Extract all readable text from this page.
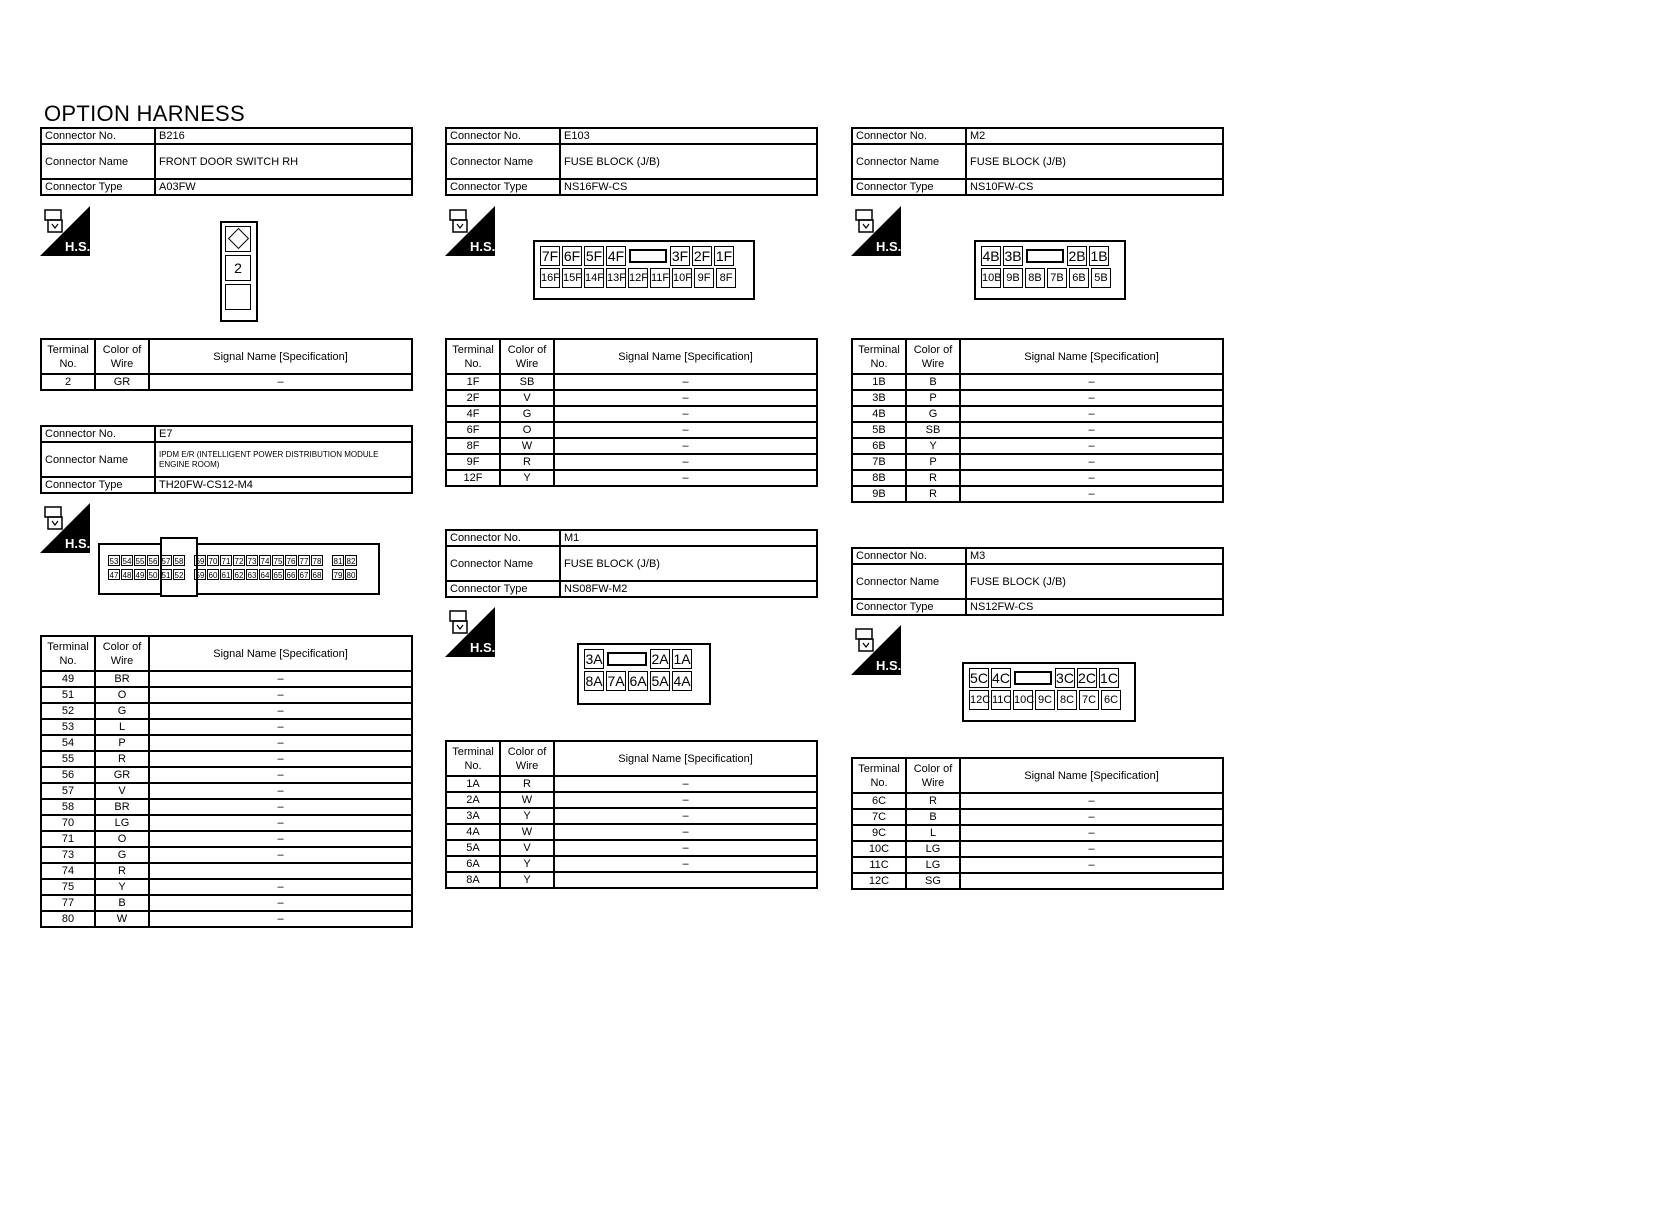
OPTION HARNESS
Connector No.	B216
Connector Name	FRONT DOOR SWITCH RH
Connector Type	A03FW
2
Terminal No.	Color of Wire	Signal Name [Specification]
2	GR	–
Connector No.	E7
Connector Name	IPDM E/R (INTELLIGENT POWER DISTRIBUTION MODULE ENGINE ROOM)
Connector Type	TH20FW-CS12-M4
53 54 55 56 57 58 69 70 71 72 73 74 75 76 77 78 81 82
47 48 49 50 51 52 59 60 61 62 63 64 65 66 67 68 79 80
Terminal No.	Color of Wire	Signal Name [Specification]
49	BR	–
51	O	–
52	G	–
53	L	–
54	P	–
55	R	–
56	GR	–
57	V	–
58	BR	–
70	LG	–
71	O	–
73	G	–
74	R	
75	Y	–
77	B	–
80	W	–
Connector No.	E103
Connector Name	FUSE BLOCK (J/B)
Connector Type	NS16FW-CS
7F 6F 5F 4F	3F 2F 1F
16F 15F 14F 13F 12F 11F 10F 9F 8F
Terminal No.	Color of Wire	Signal Name [Specification]
1F	SB	–
2F	V	–
4F	G	–
6F	O	–
8F	W	–
9F	R	–
12F	Y	–
Connector No.	M1
Connector Name	FUSE BLOCK (J/B)
Connector Type	NS08FW-M2
3A	2A 1A
8A 7A 6A 5A 4A
Terminal No.	Color of Wire	Signal Name [Specification]
1A	R	–
2A	W	–
3A	Y	–
4A	W	–
5A	V	–
6A	Y	–
8A	Y	
Connector No.	M2
Connector Name	FUSE BLOCK (J/B)
Connector Type	NS10FW-CS
4B 3B	2B 1B
10B 9B 8B 7B 6B 5B
Terminal No.	Color of Wire	Signal Name [Specification]
1B	B	–
3B	P	–
4B	G	–
5B	SB	–
6B	Y	–
7B	P	–
8B	R	–
9B	R	–
Connector No.	M3
Connector Name	FUSE BLOCK (J/B)
Connector Type	NS12FW-CS
5C 4C	3C 2C 1C
12C 11C 10C 9C 8C 7C 6C
Terminal No.	Color of Wire	Signal Name [Specification]
6C	R	–
7C	B	–
9C	L	–
10C	LG	–
11C	LG	–
12C	SG	
